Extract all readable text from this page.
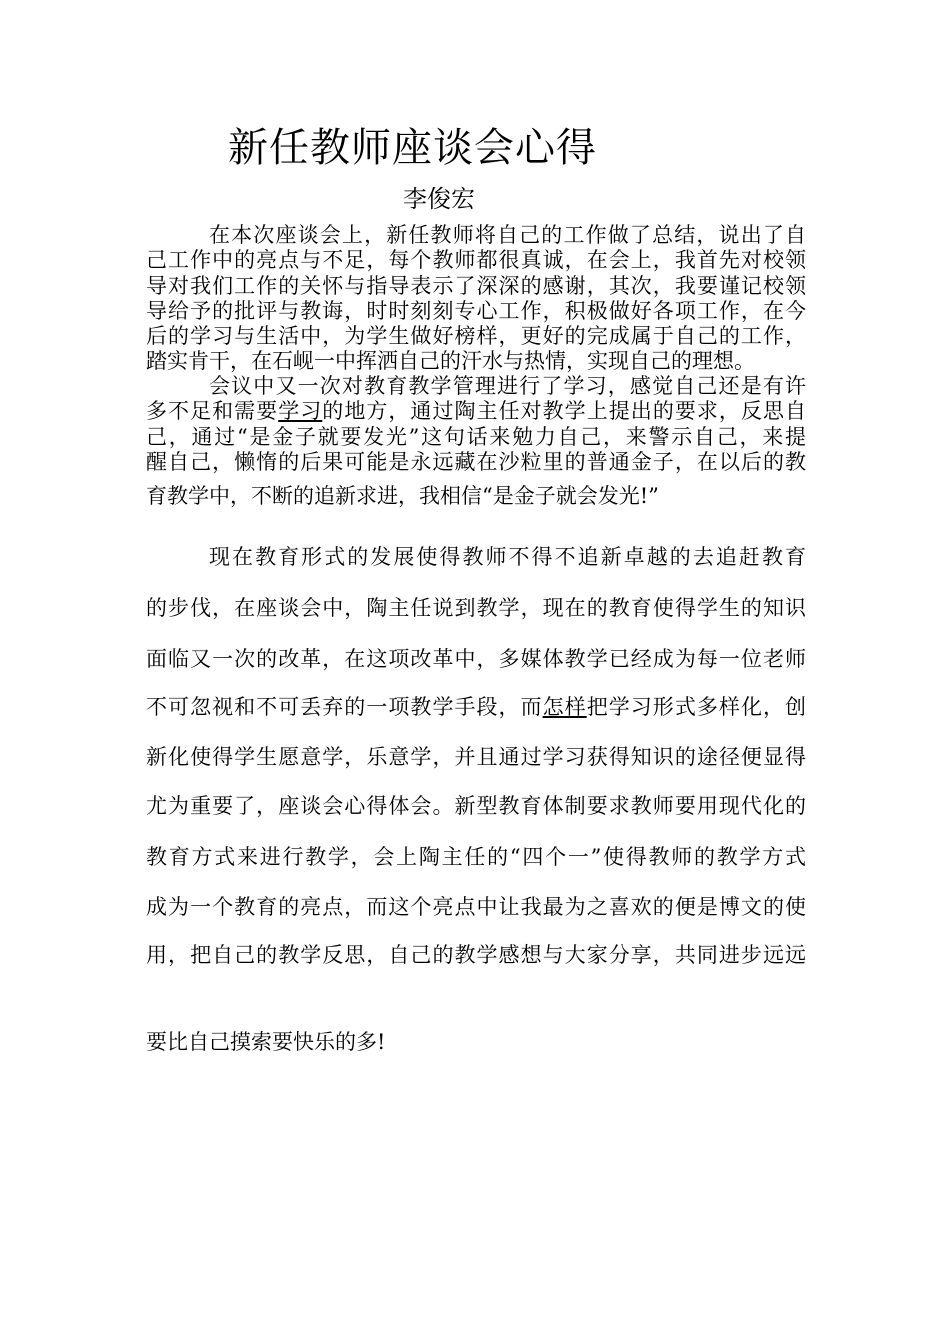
新任教师座谈会心得
李俊宏
在本次座谈会上，新任教师将自己的工作做了总结，说出了自
己工作中的亮点与不足，每个教师都很真诚，在会上，我首先对校领
导对我们工作的关怀与指导表示了深深的感谢，其次，我要谨记校领
导给予的批评与教诲，时时刻刻专心工作，积极做好各项工作，在今
后的学习与生活中，为学生做好榜样，更好的完成属于自己的工作，
踏实肯干，在石岘一中挥洒自己的汗水与热情，实现自己的理想。
会议中又一次对教育教学管理进行了学习，感觉自己还是有许
多不足和需要学习的地方，通过陶主任对教学上提出的要求，反思自
己，通过“是金子就要发光”这句话来勉力自己，来警示自己，来提
醒自己，懒惰的后果可能是永远藏在沙粒里的普通金子，在以后的教
育教学中，不断的追新求进，我相信“是金子就会发光!”
现在教育形式的发展使得教师不得不追新卓越的去追赶教育
的步伐，在座谈会中，陶主任说到教学，现在的教育使得学生的知识
面临又一次的改革，在这项改革中，多媒体教学已经成为每一位老师
不可忽视和不可丢弃的一项教学手段，而怎样把学习形式多样化，创
新化使得学生愿意学，乐意学，并且通过学习获得知识的途径便显得
尤为重要了，座谈会心得体会。新型教育体制要求教师要用现代化的
教育方式来进行教学，会上陶主任的“四个一”使得教师的教学方式
成为一个教育的亮点，而这个亮点中让我最为之喜欢的便是博文的使
用，把自己的教学反思，自己的教学感想与大家分享，共同进步远远
要比自己摸索要快乐的多!
